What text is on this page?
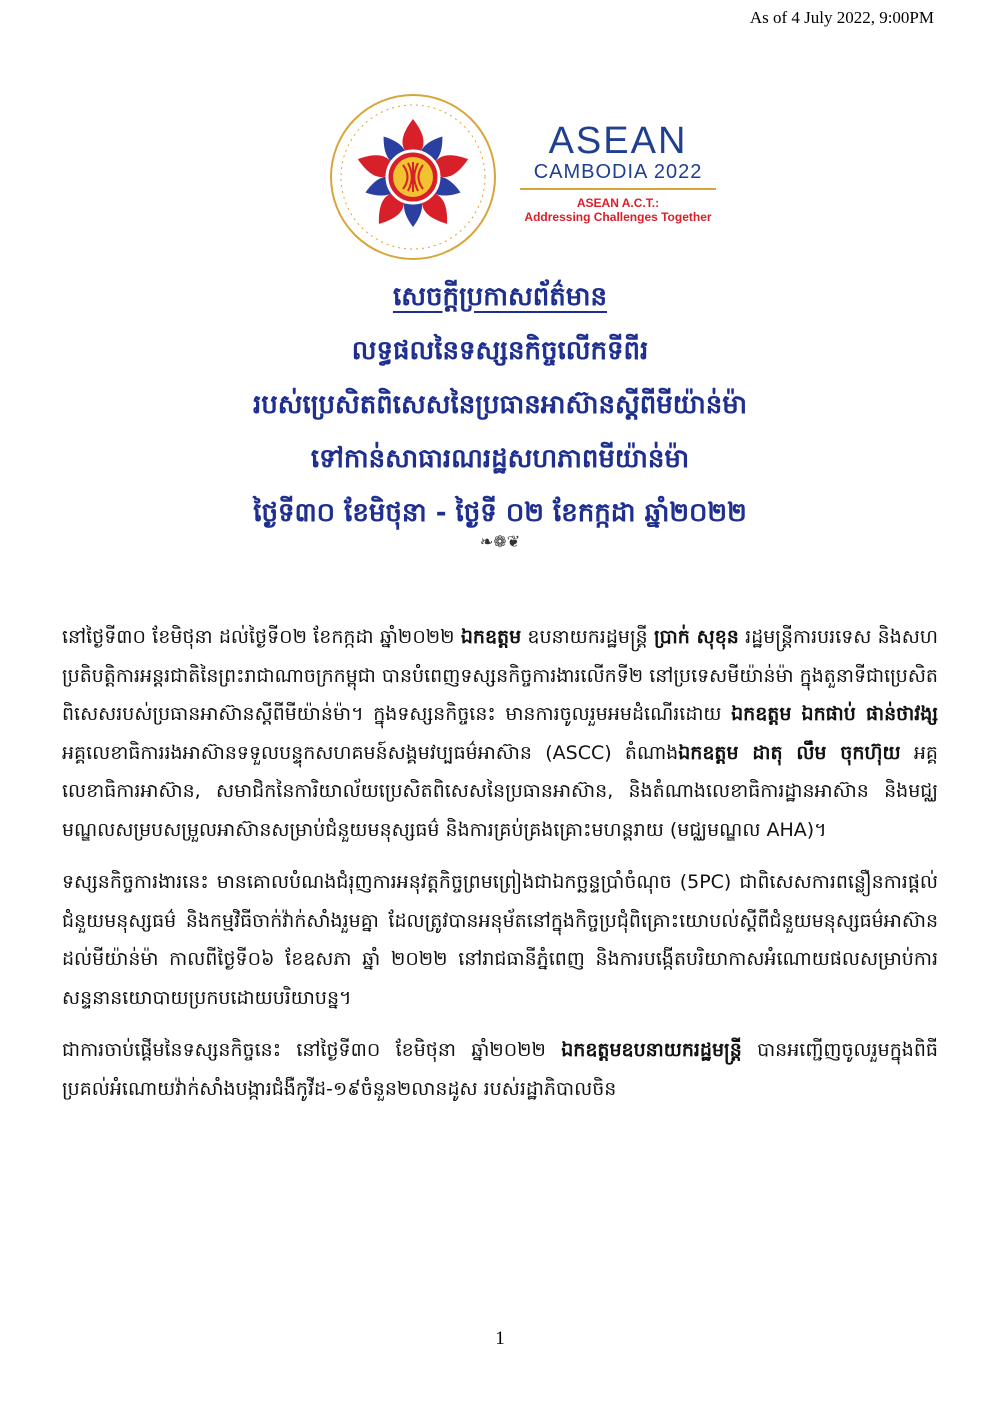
As of 4 July 2022, 9:00PM
ASEAN
CAMBODIA 2022
ASEAN A.C.T.:
Addressing Challenges Together
សេចក្ដីប្រកាសព័ត៌មាន
លទ្ធផលនៃទស្សនកិច្ចលើកទីពីរ
របស់ប្រេសិតពិសេសនៃប្រធានអាស៊ានស្តីពីមីយ៉ាន់ម៉ា
ទៅកាន់សាធារណរដ្ឋសហភាពមីយ៉ាន់ម៉ា
ថ្ងៃទី៣០ ខែមិថុនា - ថ្ងៃទី ០២ ខែកក្កដា ឆ្នាំ២០២២
❧❁❦

នៅថ្ងៃទី៣០ ខែមិថុនា ដល់ថ្ងៃទី០២ ខែកក្កដា ឆ្នាំ២០២២ ឯកឧត្តម ឧបនាយករដ្ឋមន្ត្រី ប្រាក់ សុខុន រដ្ឋមន្ត្រីការបរទេស និងសហប្រតិបត្តិការអន្តរជាតិនៃព្រះរាជាណាចក្រកម្ពុជា បានបំពេញទស្សនកិច្ចការងារលើកទី២ នៅប្រទេសមីយ៉ាន់ម៉ា ក្នុងតួនាទីជាប្រេសិតពិសេសរបស់ប្រធានអាស៊ានស្តីពីមីយ៉ាន់ម៉ា។ ក្នុងទស្សនកិច្ចនេះ មានការចូលរួមអមដំណើរដោយ ឯកឧត្តម ឯកផាប់ ផាន់ថាវង្ស អគ្គលេខាធិការរងអាស៊ានទទួលបន្ទុកសហគមន៍សង្គមវប្បធម៌អាស៊ាន (ASCC) តំណាងឯកឧត្តម ដាតុ លឹម ចុកហ៊ុយ អគ្គលេខាធិការអាស៊ាន, សមាជិកនៃការិយាល័យប្រេសិតពិសេសនៃប្រធានអាស៊ាន, និងតំណាងលេខាធិការដ្ឋានអាស៊ាន និងមជ្ឈមណ្ឌលសម្របសម្រួលអាស៊ានសម្រាប់ជំនួយមនុស្សធម៌ និងការគ្រប់គ្រងគ្រោះមហន្តរាយ (មជ្ឈមណ្ឌល AHA)។

ទស្សនកិច្ចការងារនេះ មានគោលបំណងជំរុញការអនុវត្តកិច្ចព្រមព្រៀងជាឯកច្ឆន្ទប្រាំចំណុច (5PC) ជាពិសេសការពន្លឿនការផ្តល់ជំនួយមនុស្សធម៌ និងកម្មវិធីចាក់វ៉ាក់សាំងរួមគ្នា ដែលត្រូវបានអនុម័តនៅក្នុងកិច្ចប្រជុំពិគ្រោះយោបល់ស្តីពីជំនួយមនុស្សធម៌អាស៊ានដល់មីយ៉ាន់ម៉ា កាលពីថ្ងៃទី០៦ ខែឧសភា ឆ្នាំ ២០២២ នៅរាជធានីភ្នំពេញ និងការបង្កើតបរិយាកាសអំណោយផលសម្រាប់ការសន្ទនានយោបាយប្រកបដោយបរិយាបន្ន។

ជាការចាប់ផ្តើមនៃទស្សនកិច្ចនេះ នៅថ្ងៃទី៣០ ខែមិថុនា ឆ្នាំ២០២២ ឯកឧត្តមឧបនាយករដ្ឋមន្ត្រី បានអញ្ជើញចូលរួមក្នុងពិធីប្រគល់អំណោយវ៉ាក់សាំងបង្ការជំងឺកូវីដ-១៩ចំនួន២លានដូស របស់រដ្ឋាភិបាលចិន

1
